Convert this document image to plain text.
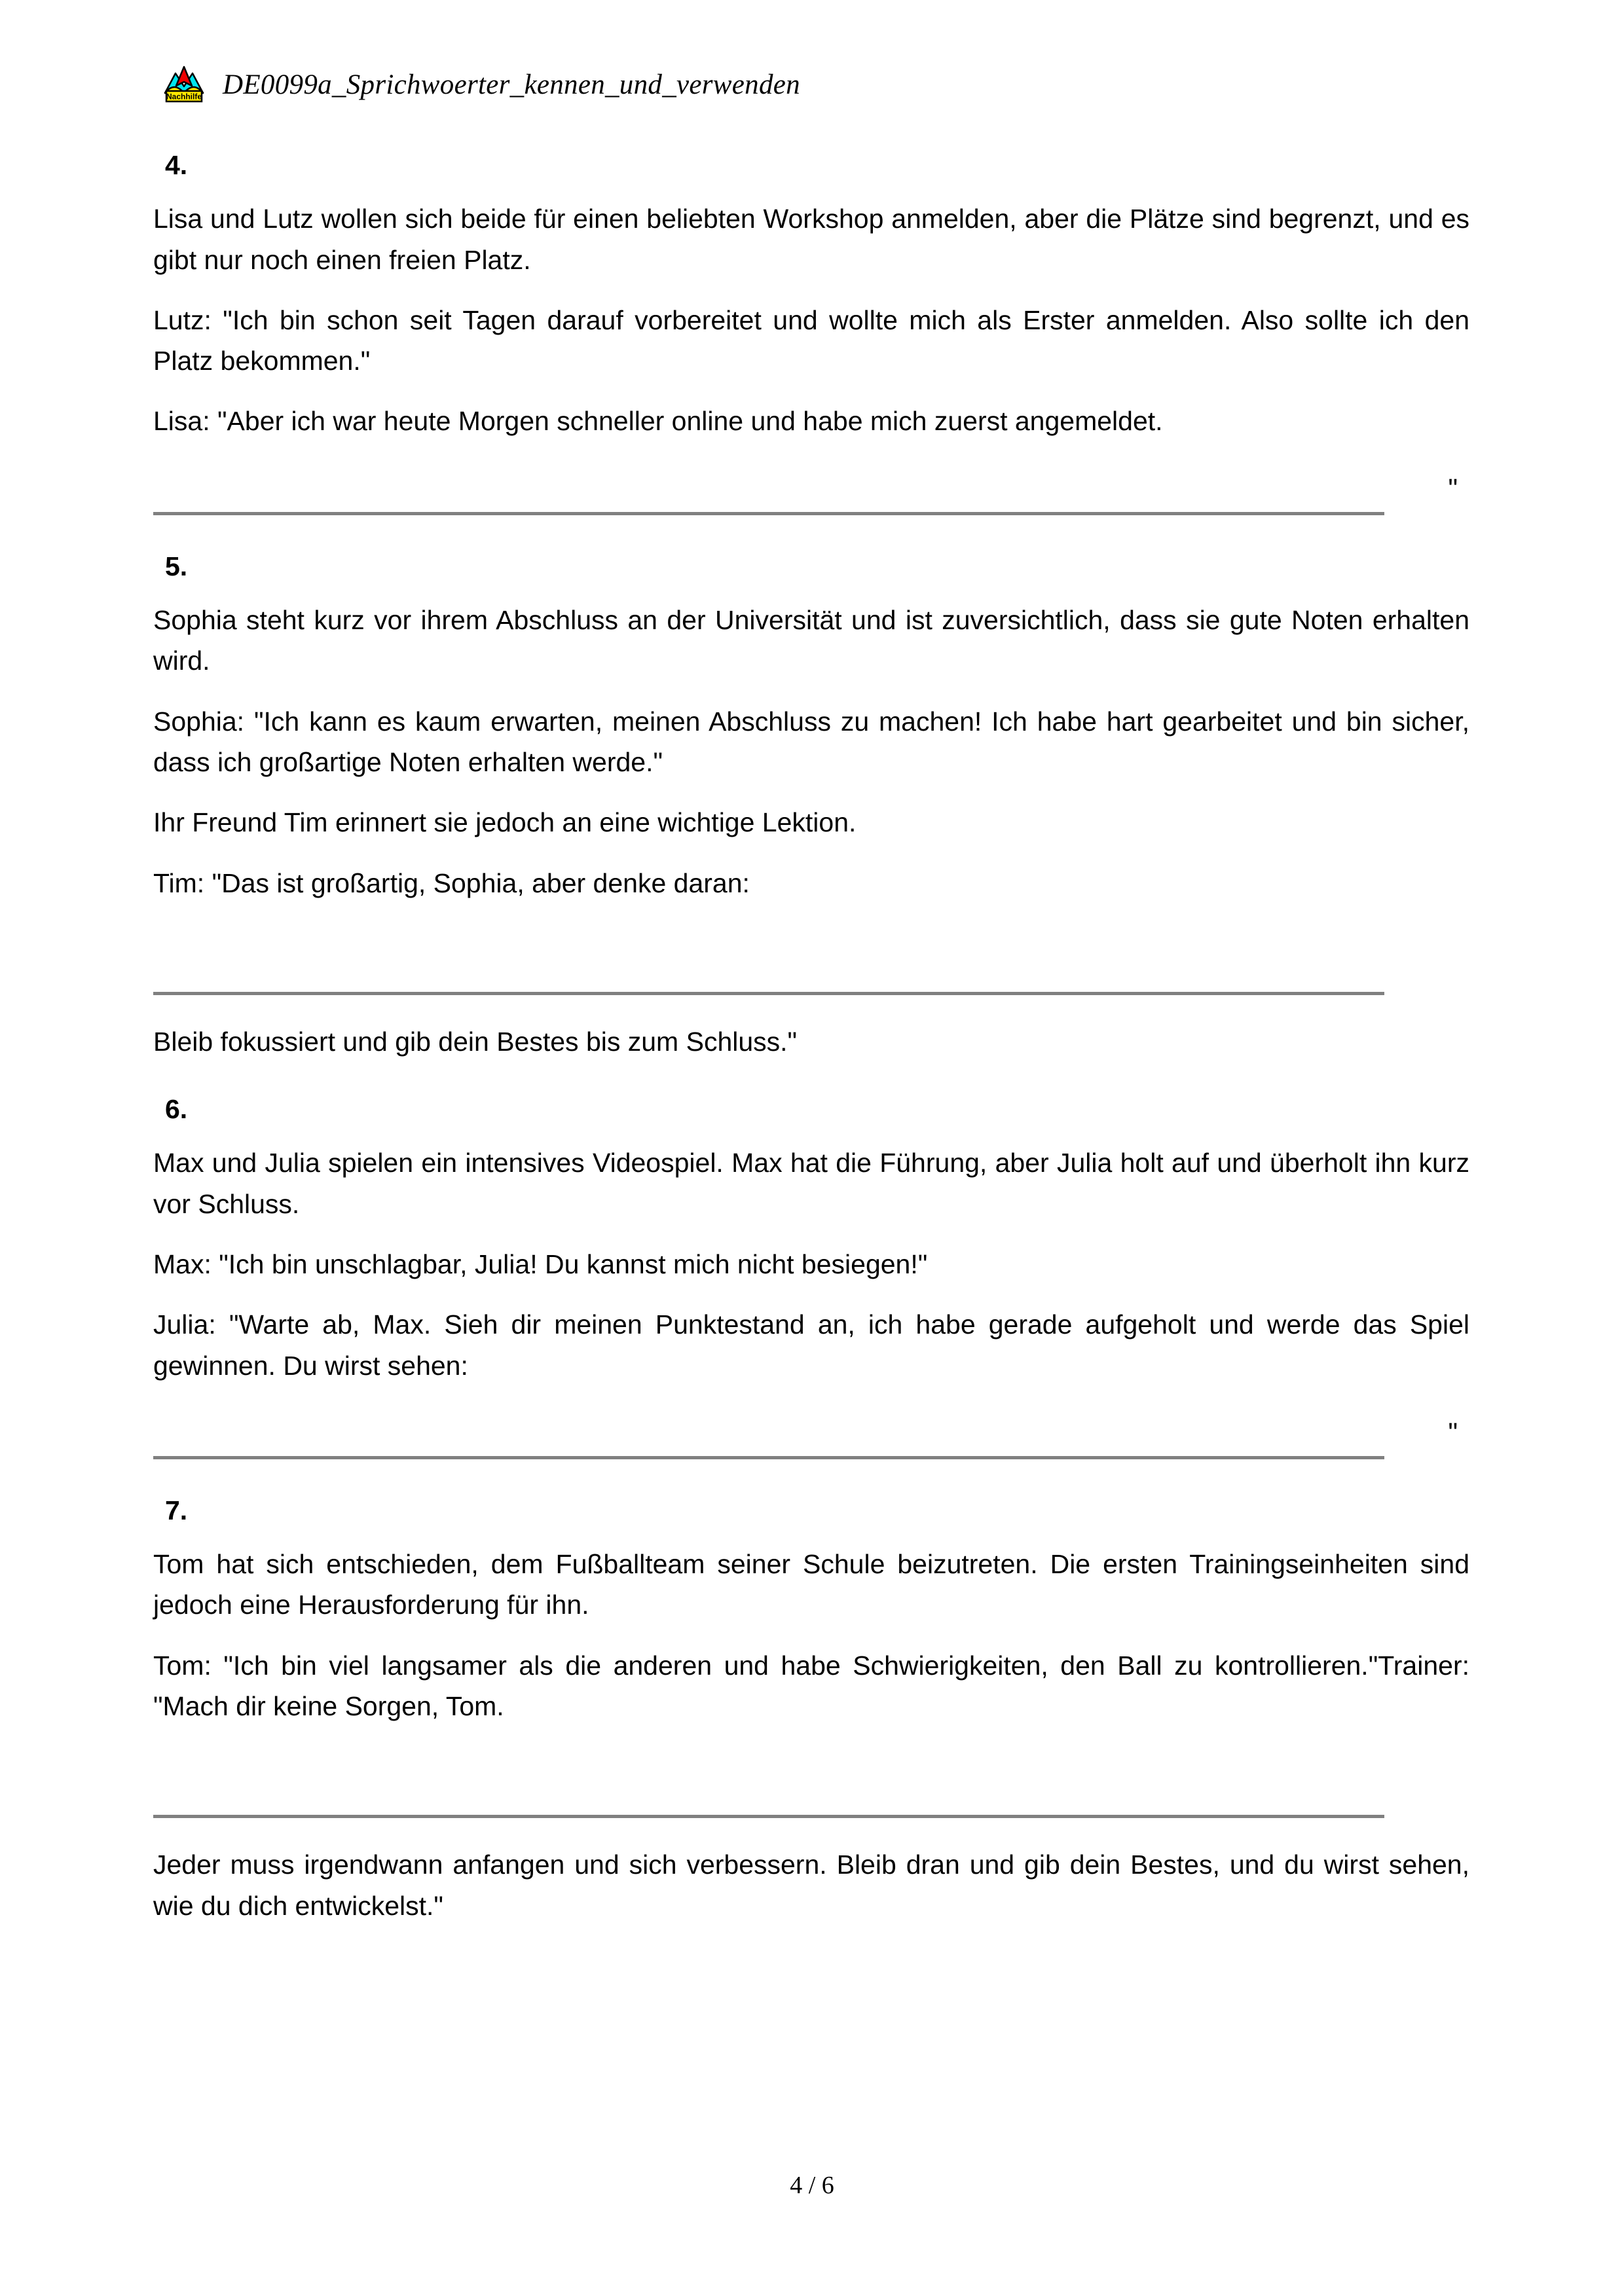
Nachhilfe DE0099a_Sprichwoerter_kennen_und_verwenden
4.

Lisa und Lutz wollen sich beide für einen beliebten Workshop anmelden, aber die Plätze sind begrenzt, und es gibt nur noch einen freien Platz.

Lutz: "Ich bin schon seit Tagen darauf vorbereitet und wollte mich als Erster anmelden. Also sollte ich den Platz bekommen."

Lisa: "Aber ich war heute Morgen schneller online und habe mich zuerst angemeldet.

"
5.

Sophia steht kurz vor ihrem Abschluss an der Universität und ist zuversichtlich, dass sie gute Noten erhalten wird.

Sophia: "Ich kann es kaum erwarten, meinen Abschluss zu machen! Ich habe hart gearbeitet und bin sicher, dass ich großartige Noten erhalten werde."

Ihr Freund Tim erinnert sie jedoch an eine wichtige Lektion.

Tim: "Das ist großartig, Sophia, aber denke daran:

Bleib fokussiert und gib dein Bestes bis zum Schluss."

6.

Max und Julia spielen ein intensives Videospiel. Max hat die Führung, aber Julia holt auf und überholt ihn kurz vor Schluss.

Max: "Ich bin unschlagbar, Julia! Du kannst mich nicht besiegen!"

Julia: "Warte ab, Max. Sieh dir meinen Punktestand an, ich habe gerade aufgeholt und werde das Spiel gewinnen. Du wirst sehen:

"
7.

Tom hat sich entschieden, dem Fußballteam seiner Schule beizutreten. Die ersten Trainingseinheiten sind jedoch eine Herausforderung für ihn.

Tom: "Ich bin viel langsamer als die anderen und habe Schwierigkeiten, den Ball zu kontrollieren."Trainer: "Mach dir keine Sorgen, Tom.

Jeder muss irgendwann anfangen und sich verbessern. Bleib dran und gib dein Bestes, und du wirst sehen, wie du dich entwickelst."

4 / 6
